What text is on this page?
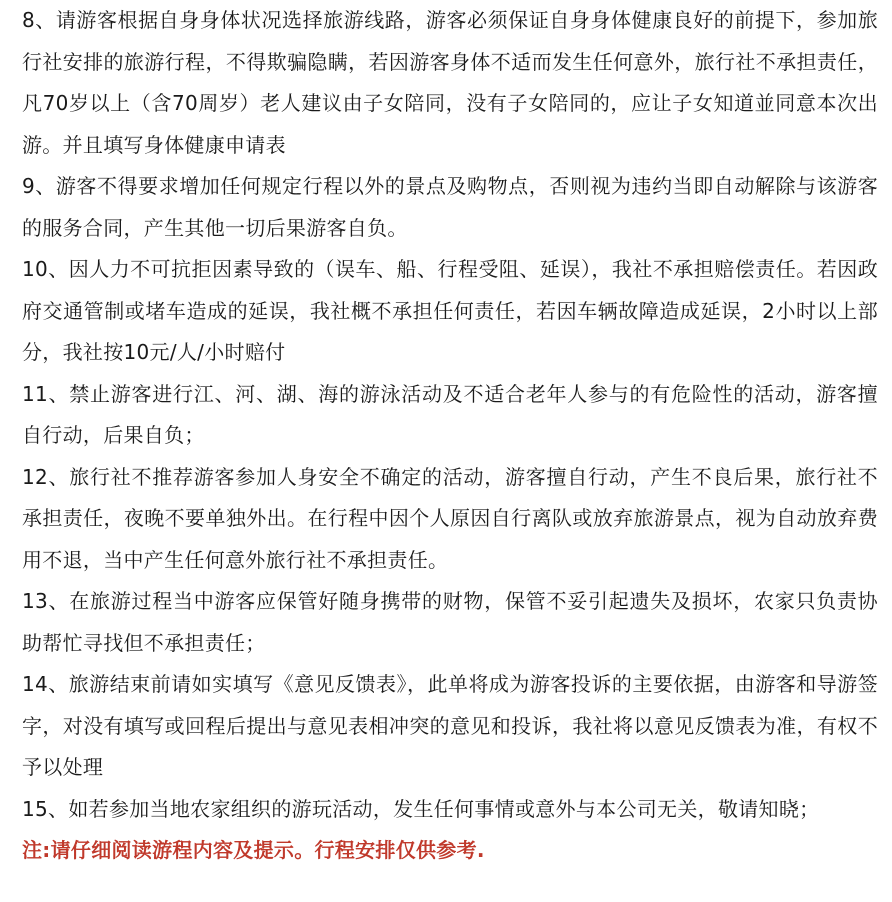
8、请游客根据自身身体状况选择旅游线路，游客必须保证自身身体健康良好的前提下，参加旅行社安排的旅游行程，不得欺骗隐瞒，若因游客身体不适而发生任何意外，旅行社不承担责任，凡70岁以上（含70周岁）老人建议由子女陪同，没有子女陪同的，应让子女知道並同意本次出游。并且填写身体健康申请表

9、游客不得要求增加任何规定行程以外的景点及购物点，否则视为违约当即自动解除与该游客的服务合同，产生其他一切后果游客自负。

10、因人力不可抗拒因素导致的（误车、船、行程受阻、延误），我社不承担赔偿责任。若因政府交通管制或堵车造成的延误，我社概不承担任何责任，若因车辆故障造成延误，2小时以上部分，我社按10元/人/小时赔付

11、禁止游客进行江、河、湖、海的游泳活动及不适合老年人参与的有危险性的活动，游客擅自行动，后果自负；

12、旅行社不推荐游客参加人身安全不确定的活动，游客擅自行动，产生不良后果，旅行社不承担责任，夜晚不要单独外出。在行程中因个人原因自行离队或放弃旅游景点，视为自动放弃费用不退，当中产生任何意外旅行社不承担责任。

13、在旅游过程当中游客应保管好随身携带的财物，保管不妥引起遗失及损坏，农家只负责协助帮忙寻找但不承担责任；

14、旅游结束前请如实填写《意见反馈表》，此单将成为游客投诉的主要依据，由游客和导游签字，对没有填写或回程后提出与意见表相冲突的意见和投诉，我社将以意见反馈表为准，有权不予以处理

15、如若参加当地农家组织的游玩活动，发生任何事情或意外与本公司无关，敬请知晓；

注:请仔细阅读游程内容及提示。行程安排仅供参考.
